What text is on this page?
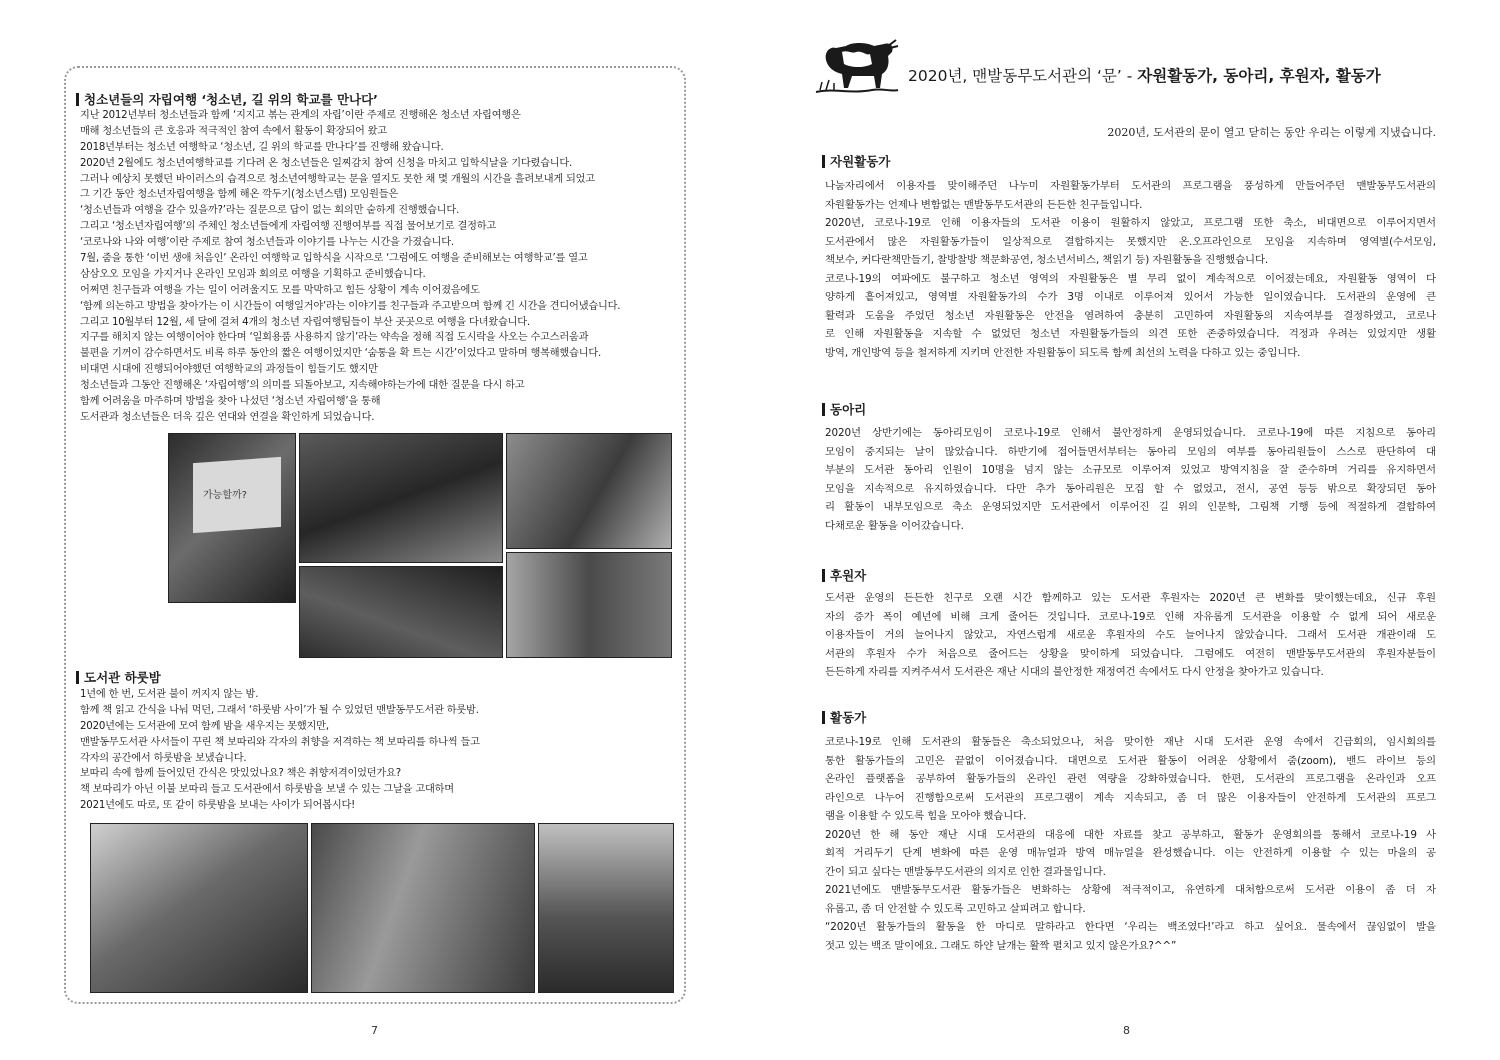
청소년들의 자립여행 ‘청소년, 길 위의 학교를 만나다’
지난 2012년부터 청소년들과 함께 ‘지지고 볶는 관계의 자립’이란 주제로 진행해온 청소년 자립여행은
매해 청소년들의 큰 호응과 적극적인 참여 속에서 활동이 확장되어 왔고
2018년부터는 청소년 여행학교 ‘청소년, 길 위의 학교를 만나다’를 진행해 왔습니다.
2020년 2월에도 청소년여행학교를 기다려 온 청소년들은 일찌감치 참여 신청을 마치고 입학식날을 기다렸습니다.
그러나 예상치 못했던 바이러스의 습격으로 청소년여행학교는 문을 열지도 못한 채 몇 개월의 시간을 흘려보내게 되었고
그 기간 동안 청소년자립여행을 함께 해온 깍두기(청소년스텝) 모임원들은
‘청소년들과 여행을 갈수 있을까?’라는 질문으로 답이 없는 회의만 숱하게 진행했습니다.
그리고 ‘청소년자립여행’의 주체인 청소년들에게 자립여행 진행여부를 직접 물어보기로 결정하고
‘코로나와 나와 여행’이란 주제로 참여 청소년들과 이야기를 나누는 시간을 가졌습니다.
7월, 줌을 통한 ‘이번 생애 처음인’ 온라인 여행학교 입학식을 시작으로 ‘그럼에도 여행을 준비해보는 여행학교’를 열고
삼삼오오 모임을 가지거나 온라인 모임과 회의로 여행을 기획하고 준비했습니다.
어쩌면 친구들과 여행을 가는 일이 어려울지도 모를 막막하고 힘든 상황이 계속 이어졌음에도
‘함께 의논하고 방법을 찾아가는 이 시간들이 여행일거야’라는 이야기를 친구들과 주고받으며 함께 긴 시간을 견디어냈습니다.
그리고 10월부터 12월, 세 달에 걸쳐 4개의 청소년 자립여행팀들이 부산 곳곳으로 여행을 다녀왔습니다.
지구를 해치지 않는 여행이어야 한다며 ‘일회용품 사용하지 않기’라는 약속을 정해 직접 도시락을 사오는 수고스러움과
불편을 기꺼이 감수하면서도 비록 하루 동안의 짧은 여행이었지만 ‘숨통을 확 트는 시간’이었다고 말하며 행복해했습니다.
비대면 시대에 진행되어야했던 여행학교의 과정들이 힘들기도 했지만
청소년들과 그동안 진행해온 ‘자립여행’의 의미를 되돌아보고, 지속해야하는가에 대한 질문을 다시 하고
함께 어려움을 마주하며 방법을 찾아 나섰던 ‘청소년 자립여행’을 통해
도서관과 청소년들은 더욱 깊은 연대와 연결을 확인하게 되었습니다.
가능할까?
도서관 하룻밤
1년에 한 번, 도서관 불이 꺼지지 않는 밤.
함께 책 읽고 간식을 나눠 먹던, 그래서 ‘하룻밤 사이’가 될 수 있었던 맨발동무도서관 하룻밤.
2020년에는 도서관에 모여 함께 밤을 새우지는 못했지만,
맨발동무도서관 사서들이 꾸린 책 보따리와 각자의 취향을 저격하는 책 보따리를 하나씩 들고
각자의 공간에서 하룻밤을 보냈습니다.
보따리 속에 함께 들어있던 간식은 맛있었나요? 책은 취향저격이었던가요?
책 보따리가 아닌 이불 보따리 들고 도서관에서 하룻밤을 보낼 수 있는 그날을 고대하며
2021년에도 따로, 또 같이 하룻밤을 보내는 사이가 되어봅시다!
7
2020년, 맨발동무도서관의 ‘문’ - 자원활동가, 동아리, 후원자, 활동가
2020년, 도서관의 문이 열고 닫히는 동안 우리는 이렇게 지냈습니다.
자원활동가
나눔자리에서 이용자를 맞이해주던 나누미 자원활동가부터 도서관의 프로그램을 풍성하게 만들어주던 맨발동무도서관의
자원활동가는 언제나 변함없는 맨발동무도서관의 든든한 친구들입니다.
2020년, 코로나-19로 인해 이용자들의 도서관 이용이 원활하지 않았고, 프로그램 또한 축소, 비대면으로 이루어지면서
도서관에서 많은 자원활동가들이 일상적으로 결합하지는 못했지만 온.오프라인으로 모임을 지속하며 영역별(수서모임,
책보수, 커다란책만들기, 찰방찰방 책문화공연, 청소년서비스, 책읽기 등) 자원활동을 진행했습니다.
코로나-19의 여파에도 불구하고 청소년 영역의 자원활동은 별 무리 없이 계속적으로 이어졌는데요, 자원활동 영역이 다
양하게 흩어져있고, 영역별 자원활동가의 수가 3명 이내로 이루어져 있어서 가능한 일이였습니다. 도서관의 운영에 큰
활력과 도움을 주었던 청소년 자원활동은 안전을 염려하여 충분히 고민하여 자원활동의 지속여부를 결정하였고, 코로나
로 인해 자원활동을 지속할 수 없었던 청소년 자원활동가들의 의견 또한 존중하였습니다. 걱정과 우려는 있었지만 생활
방역, 개인방역 등을 철저하게 지키며 안전한 자원활동이 되도록 함께 최선의 노력을 다하고 있는 중입니다.
동아리
2020년 상반기에는 동아리모임이 코로나-19로 인해서 불안정하게 운영되었습니다. 코로나-19에 따른 지침으로 동아리
모임이 중지되는 날이 많았습니다. 하반기에 접어들면서부터는 동아리 모임의 여부를 동아리원들이 스스로 판단하여 대
부분의 도서관 동아리 인원이 10명을 넘지 않는 소규모로 이루어져 있었고 방역지침을 잘 준수하며 거리를 유지하면서
모임을 지속적으로 유지하였습니다. 다만 추가 동아리원은 모집 할 수 없었고, 전시, 공연 등등 밖으로 확장되던 동아
리 활동이 내부모임으로 축소 운영되었지만 도서관에서 이루어진 길 위의 인문학, 그림책 기행 등에 적절하게 결합하여
다채로운 활동을 이어갔습니다.
후원자
도서관 운영의 든든한 친구로 오랜 시간 함께하고 있는 도서관 후원자는 2020년 큰 변화를 맞이했는데요, 신규 후원
자의 증가 폭이 예년에 비해 크게 줄어든 것입니다. 코로나-19로 인해 자유롭게 도서관을 이용할 수 없게 되어 새로운
이용자들이 거의 늘어나지 않았고, 자연스럽게 새로운 후원자의 수도 늘어나지 않았습니다. 그래서 도서관 개관이래 도
서관의 후원자 수가 처음으로 줄어드는 상황을 맞이하게 되었습니다. 그럼에도 여전히 맨발동무도서관의 후원자분들이
든든하게 자리를 지켜주셔서 도서관은 재난 시대의 불안정한 재정여건 속에서도 다시 안정을 찾아가고 있습니다.
활동가
코로나-19로 인해 도서관의 활동들은 축소되었으나, 처음 맞이한 재난 시대 도서관 운영 속에서 긴급회의, 임시회의를
통한 활동가들의 고민은 끝없이 이어졌습니다. 대면으로 도서관 활동이 어려운 상황에서 줌(zoom), 밴드 라이브 등의
온라인 플랫폼을 공부하여 활동가들의 온라인 관련 역량을 강화하였습니다. 한편, 도서관의 프로그램을 온라인과 오프
라인으로 나누어 진행함으로써 도서관의 프로그램이 계속 지속되고, 좀 더 많은 이용자들이 안전하게 도서관의 프로그
램을 이용할 수 있도록 힘을 모아야 했습니다.
2020년 한 해 동안 재난 시대 도서관의 대응에 대한 자료를 찾고 공부하고, 활동가 운영회의를 통해서 코로나-19 사
회적 거리두기 단계 변화에 따른 운영 매뉴얼과 방역 매뉴얼을 완성했습니다. 이는 안전하게 이용할 수 있는 마을의 공
간이 되고 싶다는 맨발동무도서관의 의지로 인한 결과물입니다.
2021년에도 맨발동무도서관 활동가들은 변화하는 상황에 적극적이고, 유연하게 대처함으로써 도서관 이용이 좀 더 자
유롭고, 좀 더 안전할 수 있도록 고민하고 살피려고 합니다.
“2020년 활동가들의 활동을 한 마디로 말하라고 한다면 ‘우리는 백조였다!’라고 하고 싶어요. 물속에서 끊임없이 발을
젓고 있는 백조 말이에요. 그래도 하얀 날개는 활짝 펼치고 있지 않은가요?^^”
8
